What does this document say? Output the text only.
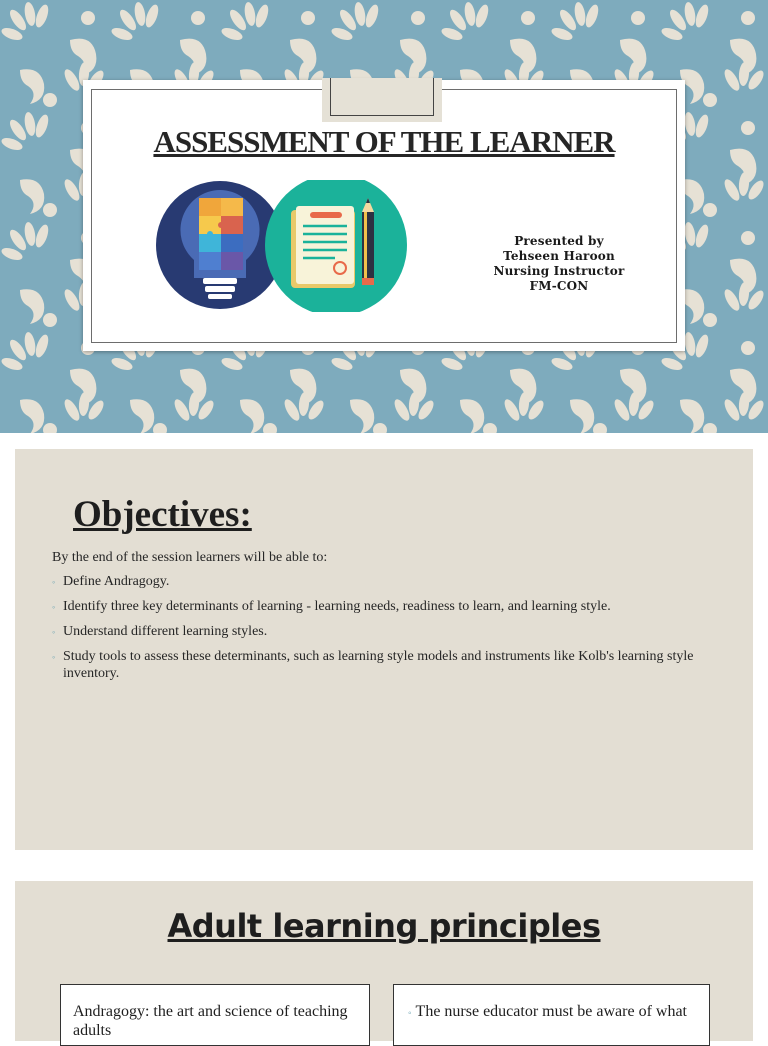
ASSESSMENT OF THE LEARNER
Presented by
Tehseen Haroon
Nursing Instructor
FM-CON
Objectives:

By the end of the session learners will be able to:

◦ Define Andragogy.
◦ Identify three key determinants of learning - learning needs, readiness to learn, and learning style.
◦ Understand different learning styles.
◦ Study tools to assess these determinants, such as learning style models and instruments like Kolb's learning style inventory.
Adult learning principles

Andragogy: the art and science of teaching adults

◦ The nurse educator must be aware of what
